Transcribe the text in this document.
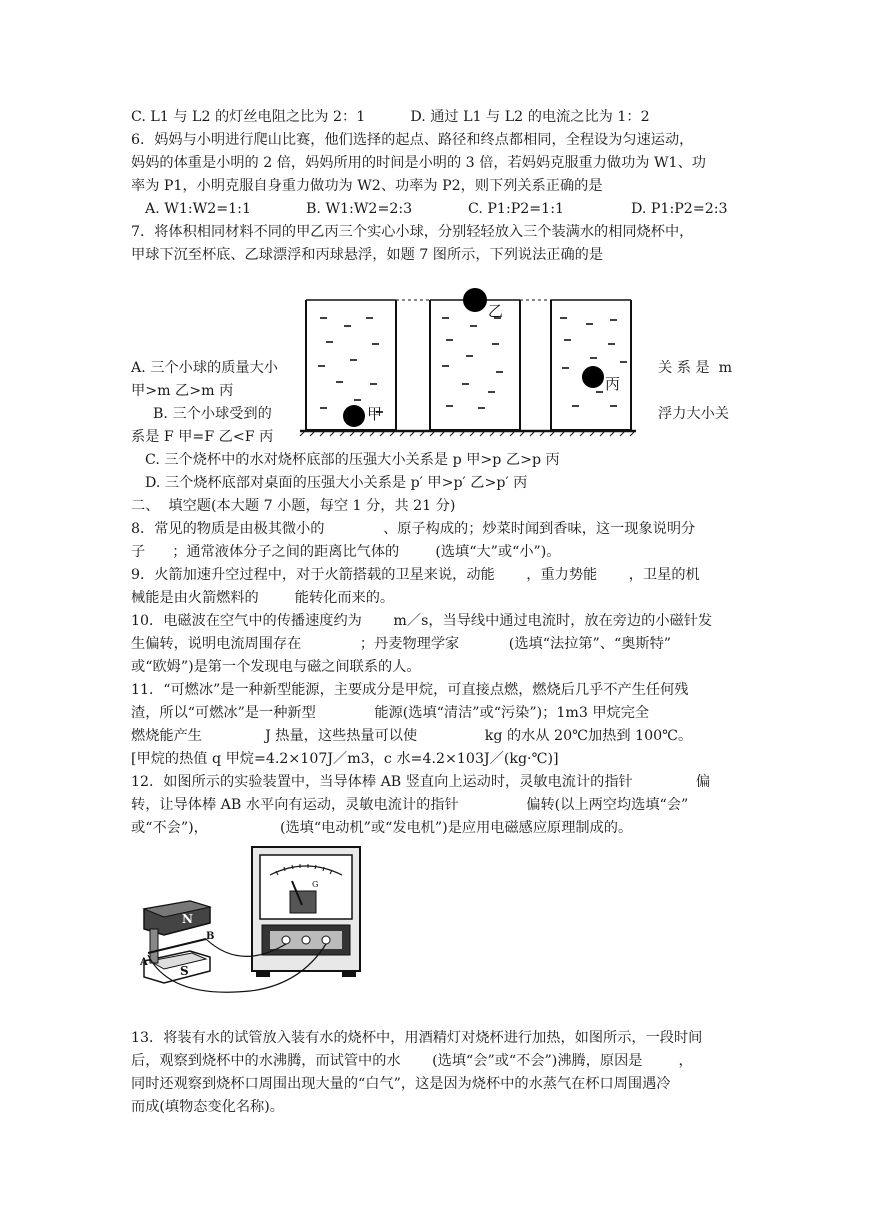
C. L1 与 L2 的灯丝电阻之比为 2：1          D. 通过 L1 与 L2 的电流之比为 1：2
6．妈妈与小明进行爬山比赛，他们选择的起点、路径和终点都相同，全程设为匀速运动，
妈妈的体重是小明的 2 倍，妈妈所用的时间是小明的 3 倍，若妈妈克服重力做功为 W1、功
率为 P1，小明克服自身重力做功为 W2、功率为 P2，则下列关系正确的是

A. W1:W2=1:1

	B. W1:W2=2:3

	C. P1:P2=1:1

	D. P1:P2=2:3

7．将体积相同材料不同的甲乙丙三个实心小球，分别轻轻放入三个装满水的相同烧杯中，
甲球下沉至杯底、乙球漂浮和丙球悬浮，如题 7 图所示，下列说法正确的是
乙
丙
甲
A. 三个小球的质量大小	关 系 是  m
甲>m 乙>m 丙
B. 三个小球受到的	浮力大小关
系是 F 甲=F 乙<F 丙
C. 三个烧杯中的水对烧杯底部的压强大小关系是 p 甲>p 乙>p 丙
D. 三个烧杯底部对桌面的压强大小关系是 p′ 甲>p′ 乙>p′ 丙
二、  填空题(本大题 7 小题，每空 1 分，共 21 分)
8．常见的物质是由极其微小的             、原子构成的；炒菜时闻到香味，这一现象说明分
子      ；通常液体分子之间的距离比气体的        (选填“大”或“小”)。
9．火箭加速升空过程中，对于火箭搭载的卫星来说，动能       ，重力势能       ，卫星的机
械能是由火箭燃料的        能转化而来的。
10．电磁波在空气中的传播速度约为       m／s，当导线中通过电流时，放在旁边的小磁针发
生偏转，说明电流周围存在             ；丹麦物理学家           (选填“法拉第”、“奥斯特”
或“欧姆”)是第一个发现电与磁之间联系的人。
11．“可燃冰”是一种新型能源，主要成分是甲烷，可直接点燃，燃烧后几乎不产生任何残
渣，所以“可燃冰”是一种新型             能源(选填“清洁”或“污染”)；1m3 甲烷完全
燃烧能产生              J 热量，这些热量可以使               kg 的水从 20℃加热到 100℃。
[甲烷的热值 q 甲烷=4.2×107J／m3，c 水=4.2×103J／(kg·℃)]
12．如图所示的实验装置中，当导体棒 AB 竖直向上运动时，灵敏电流计的指针              偏
转，让导体棒 AB 水平向有运动，灵敏电流计的指针               偏转(以上两空均选填“会”
或“不会”)，                (选填“电动机”或“发电机”)是应用电磁感应原理制成的。
G
N
S
A
B
13．将装有水的试管放入装有水的烧杯中，用酒精灯对烧杯进行加热，如图所示，一段时间
后，观察到烧杯中的水沸腾，而试管中的水       (选填“会”或“不会”)沸腾，原因是        ，
同时还观察到烧杯口周围出现大量的“白气”，这是因为烧杯中的水蒸气在杯口周围遇冷
而成(填物态变化名称)。
